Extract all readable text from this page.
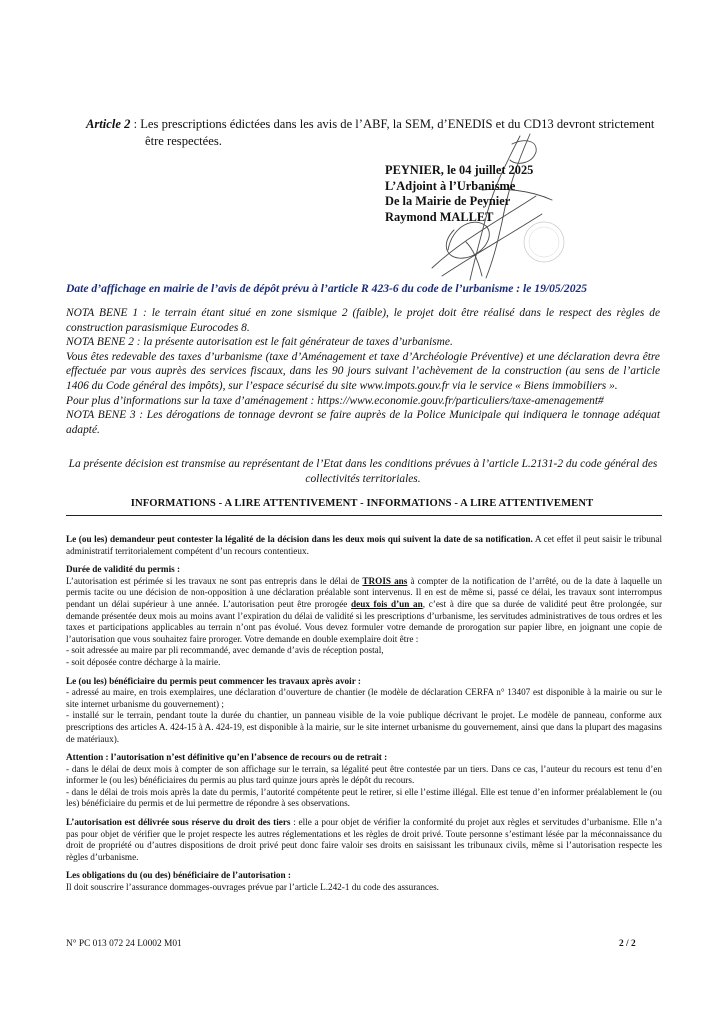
Article 2 : Les prescriptions édictées dans les avis de l’ABF, la SEM, d’ENEDIS et du CD13 devront strictement
être respectées.
PEYNIER, le 04 juillet 2025
L’Adjoint à l’Urbanisme
De la Mairie de Peynier
Raymond MALLET
Date d’affichage en mairie de l’avis de dépôt prévu à l’article R 423-6 du code de l’urbanisme : le 19/05/2025

NOTA BENE 1 : le terrain étant situé en zone sismique 2 (faible), le projet doit être réalisé dans le respect des règles de construction parasismique Eurocodes 8.

NOTA BENE 2 : la présente autorisation est le fait générateur de taxes d’urbanisme.

Vous êtes redevable des taxes d’urbanisme (taxe d’Aménagement et taxe d’Archéologie Préventive) et une déclaration devra être effectuée par vous auprès des services fiscaux, dans les 90 jours suivant l’achèvement de la construction (au sens de l’article 1406 du Code général des impôts), sur l’espace sécurisé du site www.impots.gouv.fr via le service « Biens immobiliers ».

Pour plus d’informations sur la taxe d’aménagement : https://www.economie.gouv.fr/particuliers/taxe-amenagement#

NOTA BENE 3 : Les dérogations de tonnage devront se faire auprès de la Police Municipale qui indiquera le tonnage adéquat adapté.

La présente décision est transmise au représentant de l’Etat dans les conditions prévues à l’article L.2131-2 du code général des collectivités territoriales.
INFORMATIONS - A LIRE ATTENTIVEMENT - INFORMATIONS - A LIRE ATTENTIVEMENT

Le (ou les) demandeur peut contester la légalité de la décision dans les deux mois qui suivent la date de sa notification. A cet effet il peut saisir le tribunal administratif territorialement compétent d’un recours contentieux.

Durée de validité du permis :

L’autorisation est périmée si les travaux ne sont pas entrepris dans le délai de TROIS ans à compter de la notification de l’arrêté, ou de la date à laquelle un permis tacite ou une décision de non-opposition à une déclaration préalable sont intervenus. Il en est de même si, passé ce délai, les travaux sont interrompus pendant un délai supérieur à une année. L’autorisation peut être prorogée deux fois d’un an, c’est à dire que sa durée de validité peut être prolongée, sur demande présentée deux mois au moins avant l’expiration du délai de validité si les prescriptions d’urbanisme, les servitudes administratives de tous ordres et les taxes et participations applicables au terrain n’ont pas évolué. Vous devez formuler votre demande de prorogation sur papier libre, en joignant une copie de l’autorisation que vous souhaitez faire proroger. Votre demande en double exemplaire doit être :

- soit adressée au maire par pli recommandé, avec demande d’avis de réception postal,

- soit déposée contre décharge à la mairie.

Le (ou les) bénéficiaire du permis peut commencer les travaux après avoir :

- adressé au maire, en trois exemplaires, une déclaration d’ouverture de chantier (le modèle de déclaration CERFA n° 13407 est disponible à la mairie ou sur le site internet urbanisme du gouvernement) ;

- installé sur le terrain, pendant toute la durée du chantier, un panneau visible de la voie publique décrivant le projet. Le modèle de panneau, conforme aux prescriptions des articles A. 424-15 à A. 424-19, est disponible à la mairie, sur le site internet urbanisme du gouvernement, ainsi que dans la plupart des magasins de matériaux).

Attention : l’autorisation n’est définitive qu’en l’absence de recours ou de retrait :

- dans le délai de deux mois à compter de son affichage sur le terrain, sa légalité peut être contestée par un tiers. Dans ce cas, l’auteur du recours est tenu d’en informer le (ou les) bénéficiaires du permis au plus tard quinze jours après le dépôt du recours.

- dans le délai de trois mois après la date du permis, l’autorité compétente peut le retirer, si elle l’estime illégal. Elle est tenue d’en informer préalablement le (ou les) bénéficiaire du permis et de lui permettre de répondre à ses observations.

L’autorisation est délivrée sous réserve du droit des tiers : elle a pour objet de vérifier la conformité du projet aux règles et servitudes d’urbanisme. Elle n’a pas pour objet de vérifier que le projet respecte les autres réglementations et les règles de droit privé. Toute personne s’estimant lésée par la méconnaissance du droit de propriété ou d’autres dispositions de droit privé peut donc faire valoir ses droits en saisissant les tribunaux civils, même si l’autorisation respecte les règles d’urbanisme.

Les obligations du (ou des) bénéficiaire de l’autorisation :

Il doit souscrire l’assurance dommages-ouvrages prévue par l’article L.242-1 du code des assurances.

N° PC 013 072 24 L0002 M01	2 / 2
